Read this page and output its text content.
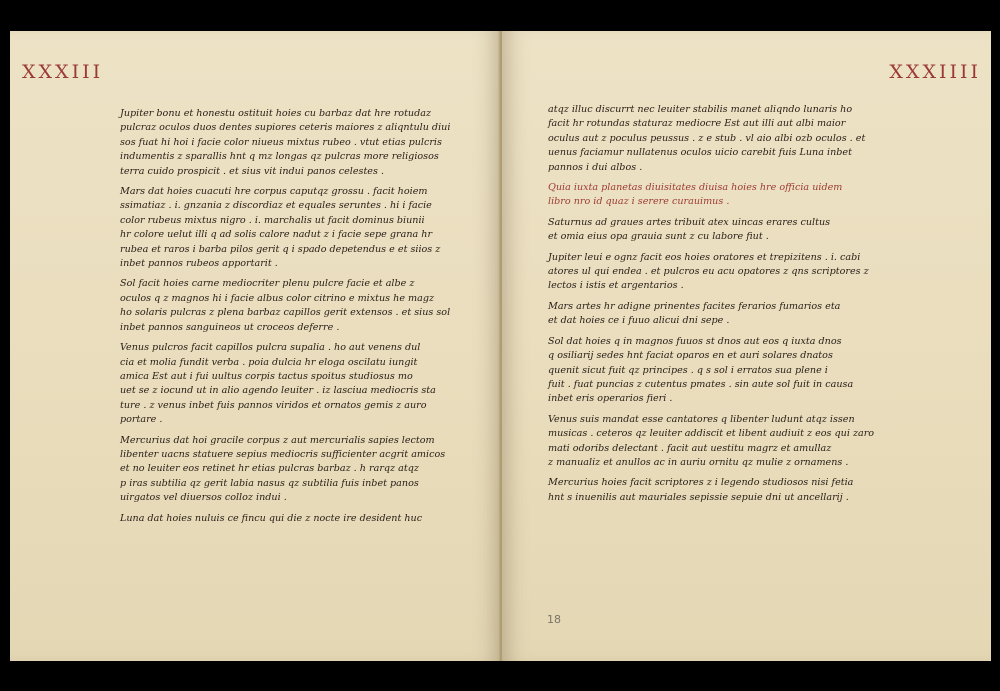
XXXIII
Jupiter bonu et honestu ostituit hoies cu barbaz dat hre rotudaz
pulcraz oculos duos dentes supiores ceteris maiores z aliqntulu diui
sos fuat hi hoi i facie color niueus mixtus rubeo . vtut etias pulcris
indumentis z sparallis hnt q mz longas qz pulcras more religiosos
terra cuido prospicit . et sius vit indui panos celestes .
Mars dat hoies cuacuti hre corpus caputqz grossu . facit hoiem
ssimatiaz . i. gnzania z discordiaz et equales seruntes . hi i facie
color rubeus mixtus nigro . i. marchalis ut facit dominus biunii
hr colore uelut illi q ad solis calore nadut z i facie sepe grana hr
rubea et raros i barba pilos gerit q i spado depetendus e et siios z
inbet pannos rubeos apportarit .
Sol facit hoies carne mediocriter plenu pulcre facie et albe z
oculos q z magnos hi i facie albus color citrino e mixtus he magz
ho solaris pulcras z plena barbaz capillos gerit extensos . et sius sol
inbet pannos sanguineos ut croceos deferre .
Venus pulcros facit capillos pulcra supalia . ho aut venens dul
cia et molia fundit verba . poia dulcia hr eloga oscilatu iungit
amica Est aut i fui uultus corpis tactus spoitus studiosus mo
uet se z iocund ut in alio agendo leuiter . iz lasciua mediocris sta
ture . z venus inbet fuis pannos viridos et ornatos gemis z auro
portare .
Mercurius dat hoi gracile corpus z aut mercurialis sapies lectom
libenter uacns statuere sepius mediocris sufficienter acgrit amicos
et no leuiter eos retinet hr etias pulcras barbaz . h rarqz atqz
p iras subtilia qz gerit labia nasus qz subtilia fuis inbet panos
uirgatos vel diuersos colloz indui .
Luna dat hoies nuluis ce fincu qui die z nocte ire desident huc
XXXIIII
atqz illuc discurrt nec leuiter stabilis manet aliqndo lunaris ho
facit hr rotundas staturaz mediocre Est aut illi aut albi maior
oculus aut z poculus peussus . z e stub . vl aio albi ozb oculos . et
uenus faciamur nullatenus oculos uicio carebit fuis Luna inbet
pannos i dui albos .
Quia iuxta planetas diuisitates diuisa hoies hre officia uidem
libro nro id quaz i serere curauimus .
Saturnus ad graues artes tribuit atex uincas erares cultus
et omia eius opa grauia sunt z cu labore fiut .
Jupiter leui e ognz facit eos hoies oratores et trepizitens . i. cabi
atores ul qui endea . et pulcros eu acu opatores z qns scriptores z
lectos i istis et argentarios .
Mars artes hr adigne prinentes facites ferarios fumarios eta
et dat hoies ce i fuuo alicui dni sepe .
Sol dat hoies q in magnos fuuos st dnos aut eos q iuxta dnos
q osiliarij sedes hnt faciat oparos en et auri solares dnatos
quenit sicut fuit qz principes . q s sol i erratos sua plene i
fuit . fuat puncias z cutentus pmates . sin aute sol fuit in causa
inbet eris operarios fieri .
Venus suis mandat esse cantatores q libenter ludunt atqz issen
musicas . ceteros qz leuiter addiscit et libent audiuit z eos qui zaro
mati odoribs delectant . facit aut uestitu magrz et amullaz
z manualiz et anullos ac in auriu ornitu qz mulie z ornamens .
Mercurius hoies facit scriptores z i legendo studiosos nisi fetia
hnt s inuenilis aut mauriales sepissie sepuie dni ut ancellarij .
18
